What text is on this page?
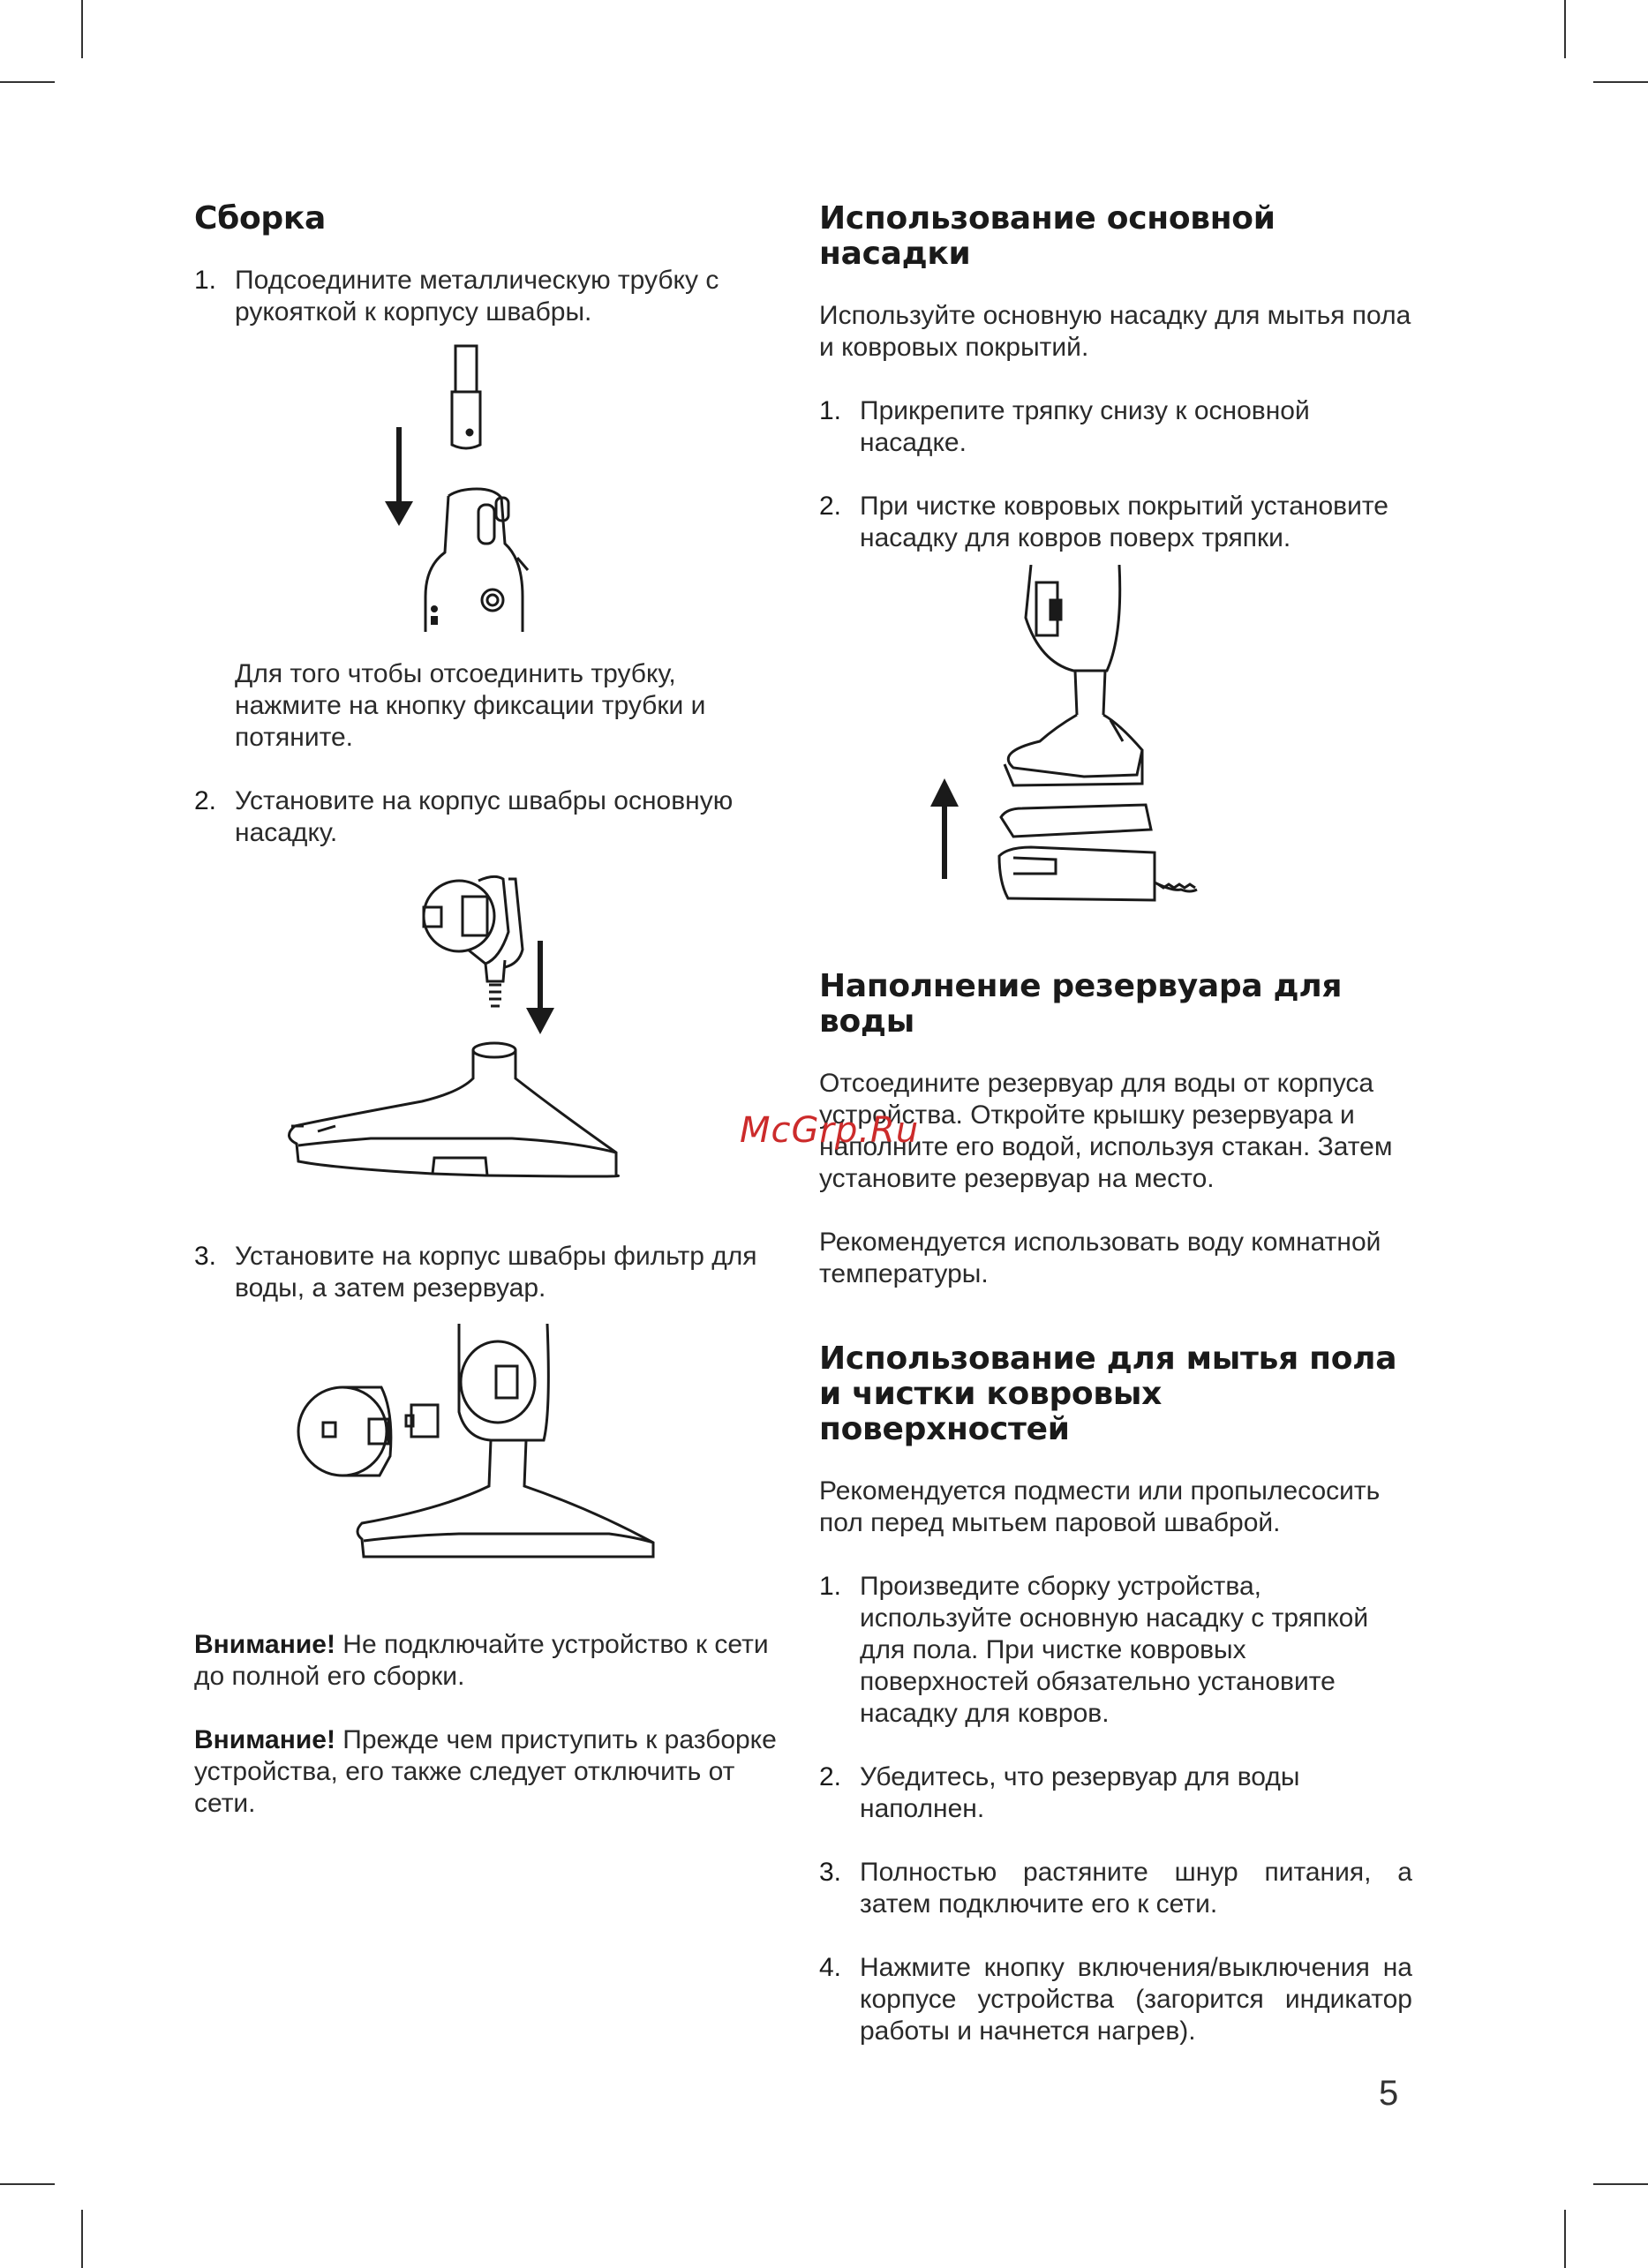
Сборка
1. Подсоедините металлическую трубку с рукояткой к корпусу швабры.

Для того чтобы отсоединить трубку, нажмите на кнопку фиксации трубки и потяните.

2. Установите на корпус швабры основную насадку.

3. Установите на корпус швабры фильтр для воды, а затем резервуар.

Внимание! Не подключайте устройство к сети до полной его сборки.

Внимание! Прежде чем приступить к разборке устройства, его также следует отключить от сети.

Использование основной насадки

Используйте основную насадку для мытья пола и ковровых покрытий.

1. Прикрепите тряпку снизу к основной насадке.

2. При чистке ковровых покрытий установите насадку для ковров поверх тряпки.

Наполнение резервуара для воды

Отсоедините резервуар для воды от корпуса устройства. Откройте крышку резервуара и наполните его водой, используя стакан. Затем установите резервуар на место.

Рекомендуется использовать воду комнатной температуры.

Использование для мытья пола
и чистки ковровых поверхностей

Рекомендуется подмести или пропылесосить пол перед мытьем паровой шваброй.

1. Произведите сборку устройства, используйте основную насадку с тряпкой для пола. При чистке ковровых поверхностей обязательно установите насадку для ковров.

2. Убедитесь, что резервуар для воды наполнен.

3. Полностью растяните шнур питания, а затем подключите его к сети.

4. Нажмите кнопку включения/выключения на корпусе устройства (загорится индикатор работы и начнется нагрев).

McGrp.Ru
5
